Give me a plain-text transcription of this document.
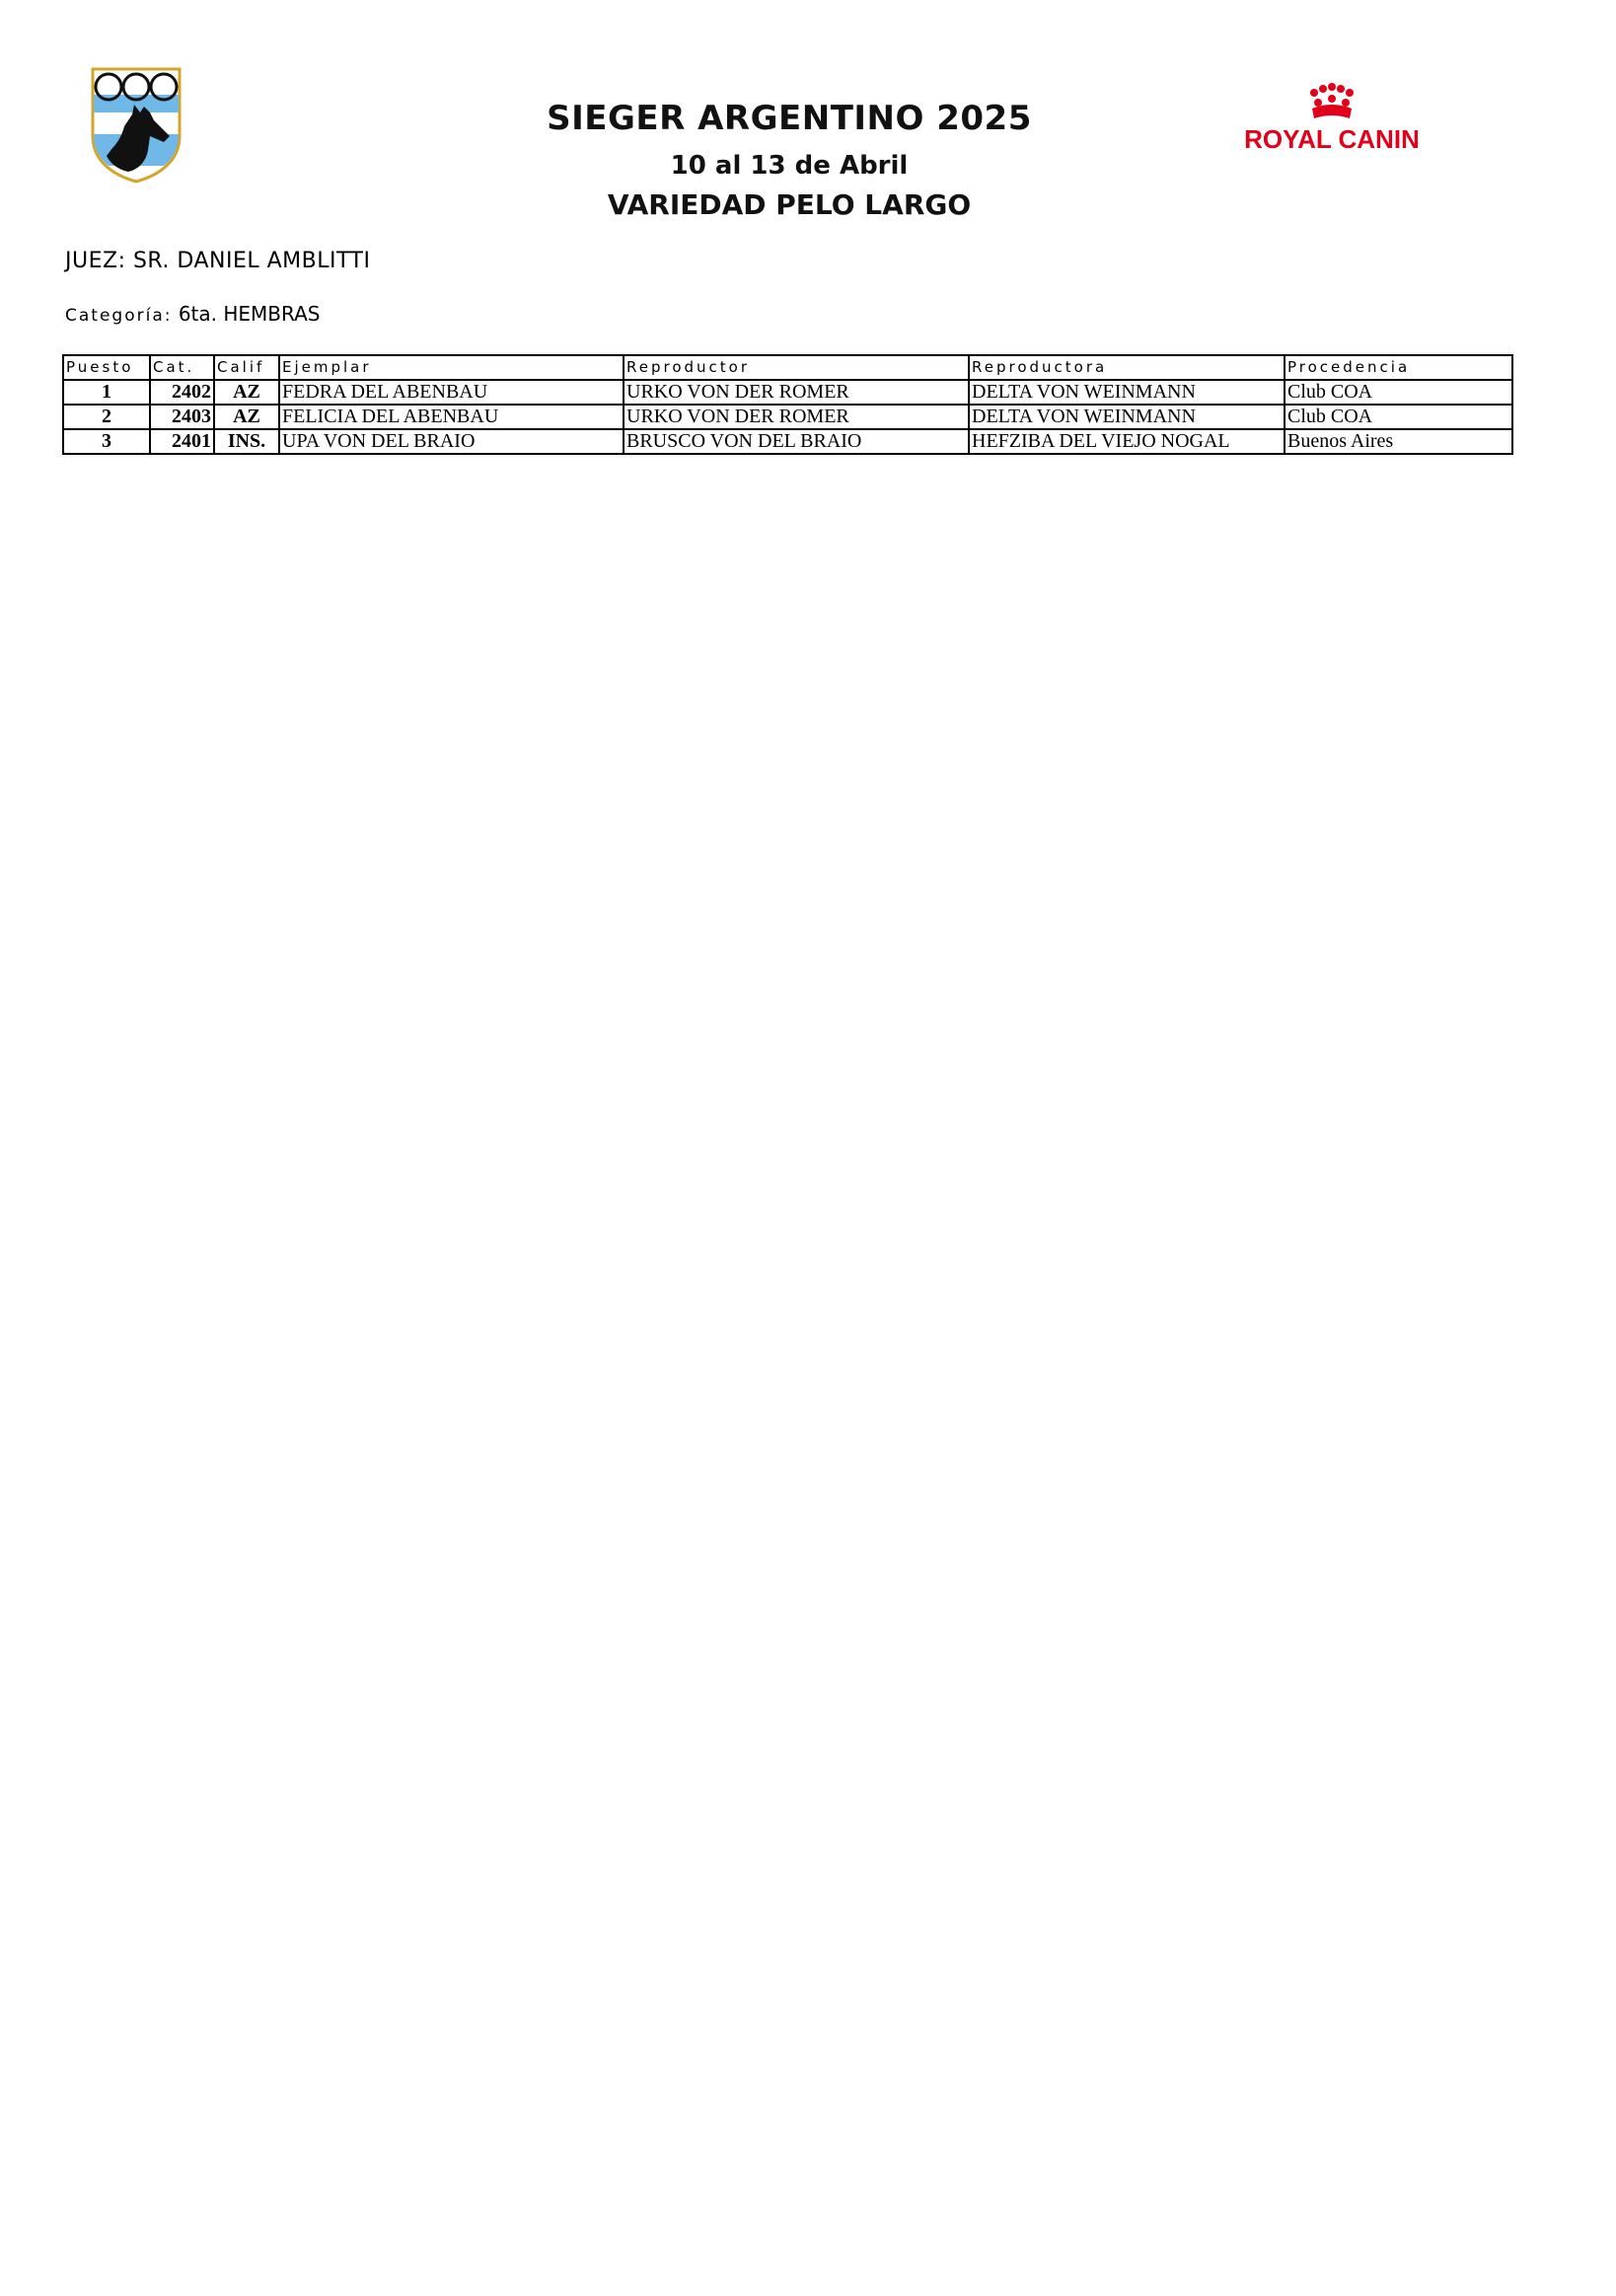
SIEGER ARGENTINO 2025
10 al 13 de Abril
VARIEDAD PELO LARGO
ROYAL CANIN
JUEZ: SR. DANIEL AMBLITTI
Categoría: 6ta. HEMBRAS
Puesto	Cat.	Calif	Ejemplar	Reproductor	Reproductora	Procedencia
1	2402	AZ	FEDRA DEL ABENBAU	URKO VON DER ROMER	DELTA VON WEINMANN	Club COA
2	2403	AZ	FELICIA DEL ABENBAU	URKO VON DER ROMER	DELTA VON WEINMANN	Club COA
3	2401	INS.	UPA VON DEL BRAIO	BRUSCO VON DEL BRAIO	HEFZIBA DEL VIEJO NOGAL	Buenos Aires
